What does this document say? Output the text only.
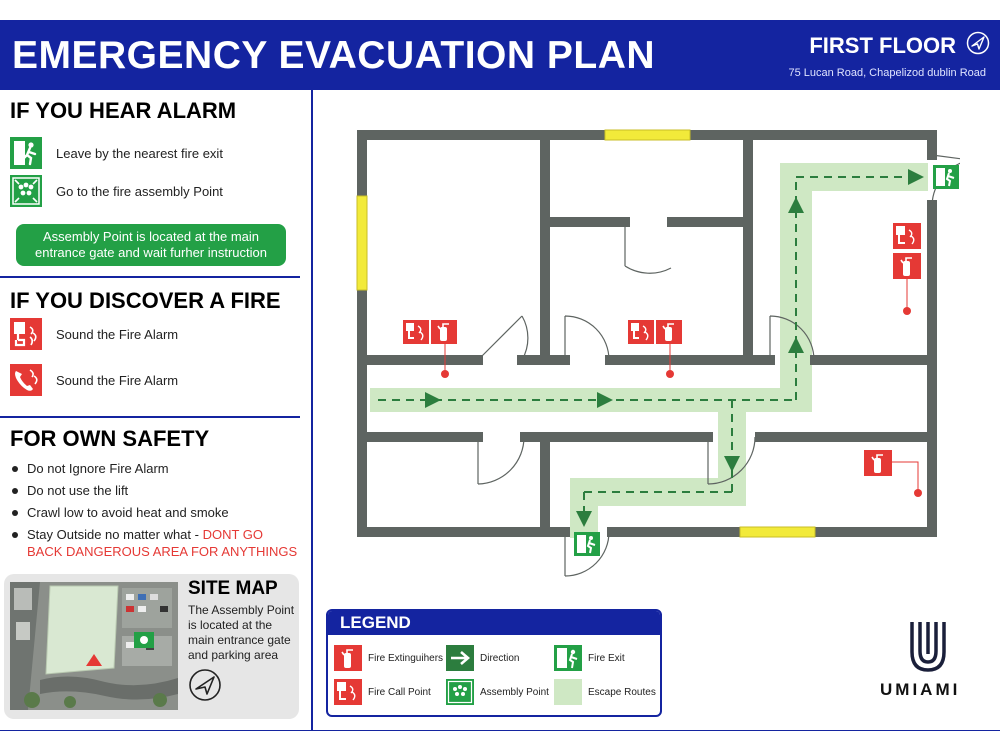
EMERGENCY EVACUATION PLAN	FIRST FLOOR
75 Lucan Road, Chapelizod dublin Road
IF YOU HEAR ALARM
Leave by the nearest fire exit
Go to the fire assembly Point
Assembly Point is located at the main entrance gate and wait furher instruction
IF YOU DISCOVER A FIRE
Sound the Fire Alarm
Sound the Fire Alarm
FOR OWN SAFETY
Do not Ignore Fire Alarm
Do not use the lift
Crawl low to avoid heat and smoke
Stay Outside no matter what - DONT GO BACK DANGEROUS AREA FOR ANYTHINGS
SITE MAP
The Assembly Point is located at the main entrance gate and parking area
LEGEND
Fire Extinguihers	Direction	Fire Exit
Fire Call Point	Assembly Point	Escape Routes	UMIAMI
